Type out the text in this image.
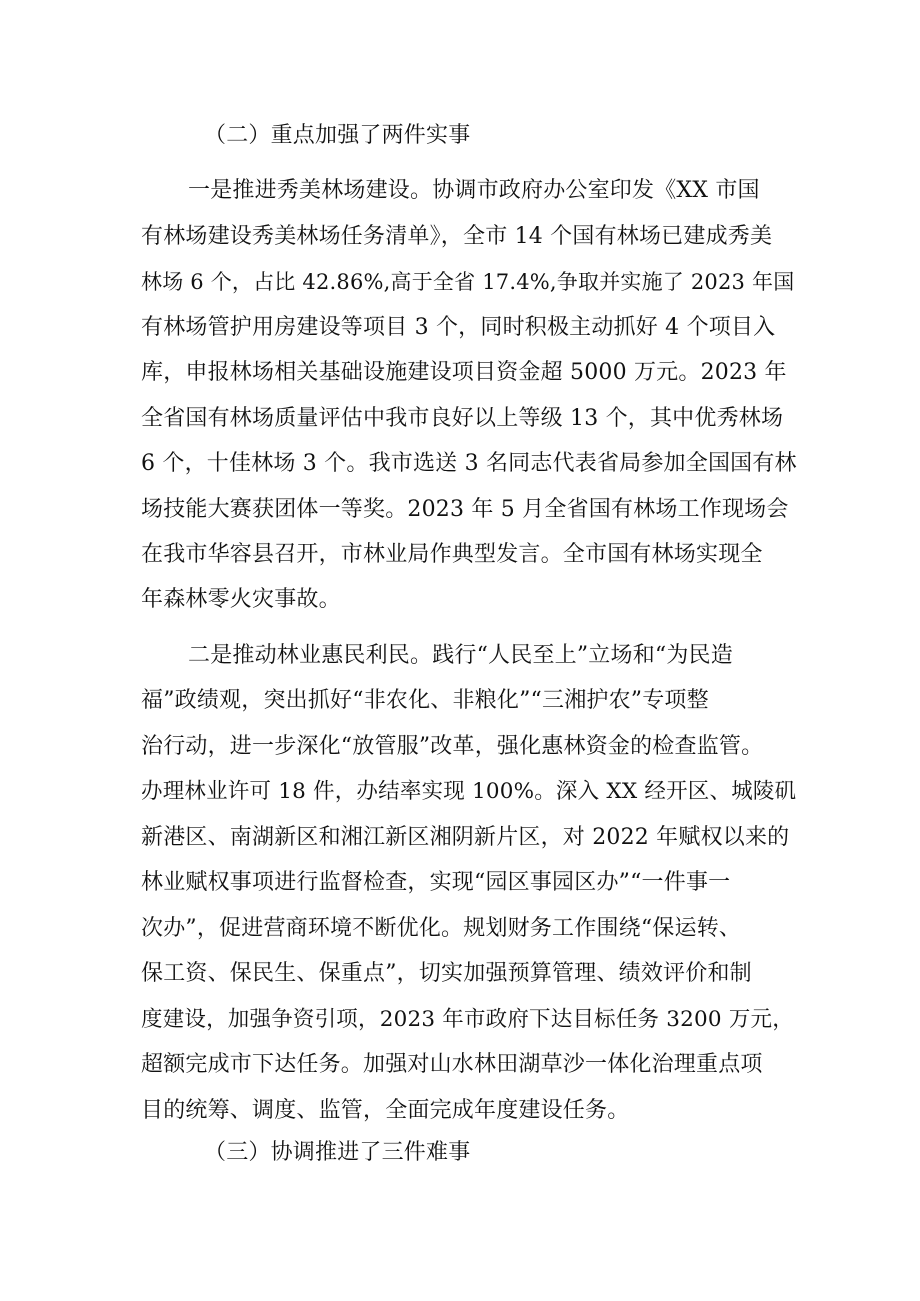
（二）重点加强了两件实事
一是推进秀美林场建设。协调市政府办公室印发《XX 市国
有林场建设秀美林场任务清单》，全市 14 个国有林场已建成秀美
林场 6 个，占比 42.86%,高于全省 17.4%,争取并实施了 2023 年国
有林场管护用房建设等项目 3 个，同时积极主动抓好 4 个项目入
库，申报林场相关基础设施建设项目资金超 5000 万元。2023 年
全省国有林场质量评估中我市良好以上等级 13 个，其中优秀林场
6 个，十佳林场 3 个。我市选送 3 名同志代表省局参加全国国有林
场技能大赛获团体一等奖。2023 年 5 月全省国有林场工作现场会
在我市华容县召开，市林业局作典型发言。全市国有林场实现全
年森林零火灾事故。
二是推动林业惠民利民。践行“人民至上”立场和“为民造
福”政绩观，突出抓好“非农化、非粮化”“三湘护农”专项整
治行动，进一步深化“放管服”改革，强化惠林资金的检查监管。
办理林业许可 18 件，办结率实现 100%。深入 XX 经开区、城陵矶
新港区、南湖新区和湘江新区湘阴新片区，对 2022 年赋权以来的
林业赋权事项进行监督检查，实现“园区事园区办”“一件事一
次办”，促进营商环境不断优化。规划财务工作围绕“保运转、
保工资、保民生、保重点”，切实加强预算管理、绩效评价和制
度建设，加强争资引项，2023 年市政府下达目标任务 3200 万元，
超额完成市下达任务。加强对山水林田湖草沙一体化治理重点项
目的统筹、调度、监管，全面完成年度建设任务。
（三）协调推进了三件难事
